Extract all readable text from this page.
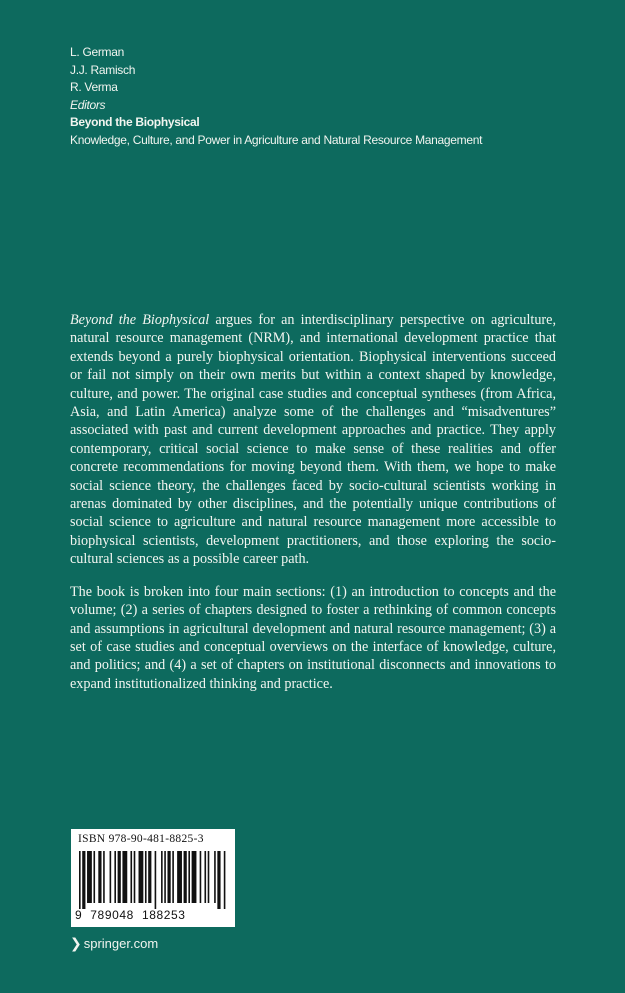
L. German
J.J. Ramisch
R. Verma
Editors
Beyond the Biophysical
Knowledge, Culture, and Power in Agriculture and Natural Resource Management

Beyond the Biophysical argues for an interdisciplinary perspective on agriculture, natural resource management (NRM), and international development practice that extends beyond a purely biophysical orientation. Biophysical interventions succeed or fail not simply on their own merits but within a context shaped by knowledge, culture, and power. The original case studies and conceptual syntheses (from Africa, Asia, and Latin America) analyze some of the challenges and “misadventures” associated with past and current development approaches and practice. They apply contemporary, critical social science to make sense of these realities and offer concrete recommendations for moving beyond them. With them, we hope to make social science theory, the challenges faced by socio-cultural scientists working in arenas dominated by other disciplines, and the potentially unique contributions of social science to agriculture and natural resource management more accessible to biophysical scientists, development practitioners, and those exploring the socio-cultural sciences as a possible career path.

The book is broken into four main sections: (1) an introduction to concepts and the volume; (2) a series of chapters designed to foster a rethinking of common concepts and assumptions in agricultural development and natural resource management; (3) a set of case studies and conceptual overviews on the interface of knowledge, culture, and politics; and (4) a set of chapters on institutional disconnects and innovations to expand institutionalized thinking and practice.

ISBN 978-90-481-8825-3
9 789048 188253
❯ springer.com
